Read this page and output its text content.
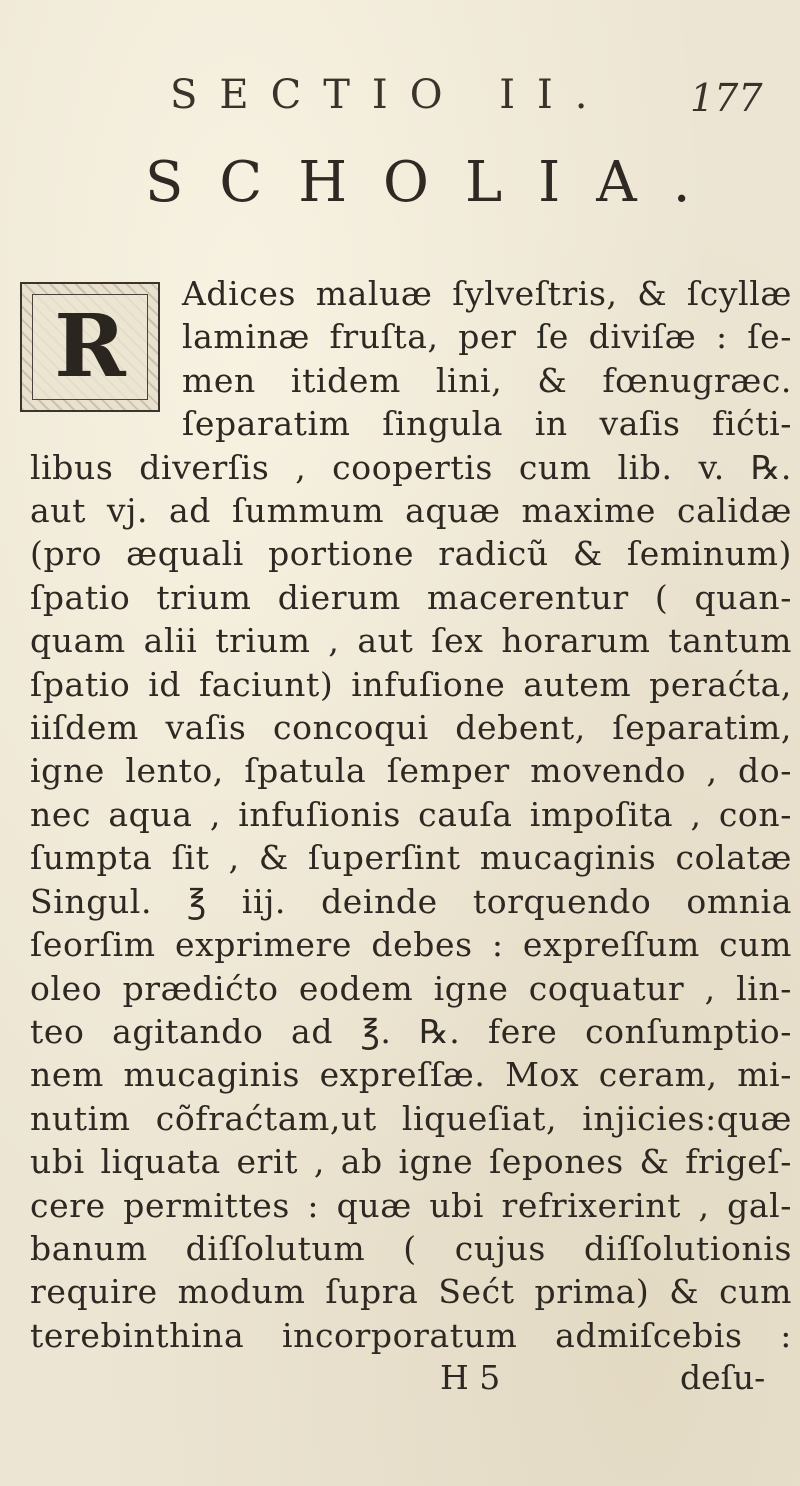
SECTIO II. 177
SCHOLIA.
R
Adices maluæ ſylveſtris, & ſcyllæ
laminæ fruſta, per ſe diviſæ : ſe-
men itidem lini, & fœnugræc.
ſeparatim ſingula in vaſis fićti-
libus diverſis , coopertis cum lib. v. ℞.
aut vj. ad ſummum aquæ maxime calidæ
(pro æquali portione radicũ & ſeminum)
ſpatio trium dierum macerentur ( quan-
quam alii trium , aut ſex horarum tantum
ſpatio id faciunt) infuſione autem peraćta,
iiſdem vaſis concoqui debent, ſeparatim,
igne lento, ſpatula ſemper movendo , do-
nec aqua , infuſionis cauſa impoſita , con-
ſumpta ſit , & ſuperſint mucaginis colatæ
Singul. ℥ iij. deinde torquendo omnia
ſeorſim exprimere debes : expreſſum cum
oleo prædićto eodem igne coquatur , lin-
teo agitando ad ℥. ℞. fere conſumptio-
nem mucaginis expreſſæ. Mox ceram, mi-
nutim cõfraćtam,ut liqueſiat, injicies:quæ
ubi liquata erit , ab igne ſepones & frigeſ-
cere permittes : quæ ubi refrixerint , gal-
banum diſſolutum ( cujus diſſolutionis
require modum ſupra Sećt prima) & cum
terebinthina incorporatum admiſcebis :
H 5	deſu-
